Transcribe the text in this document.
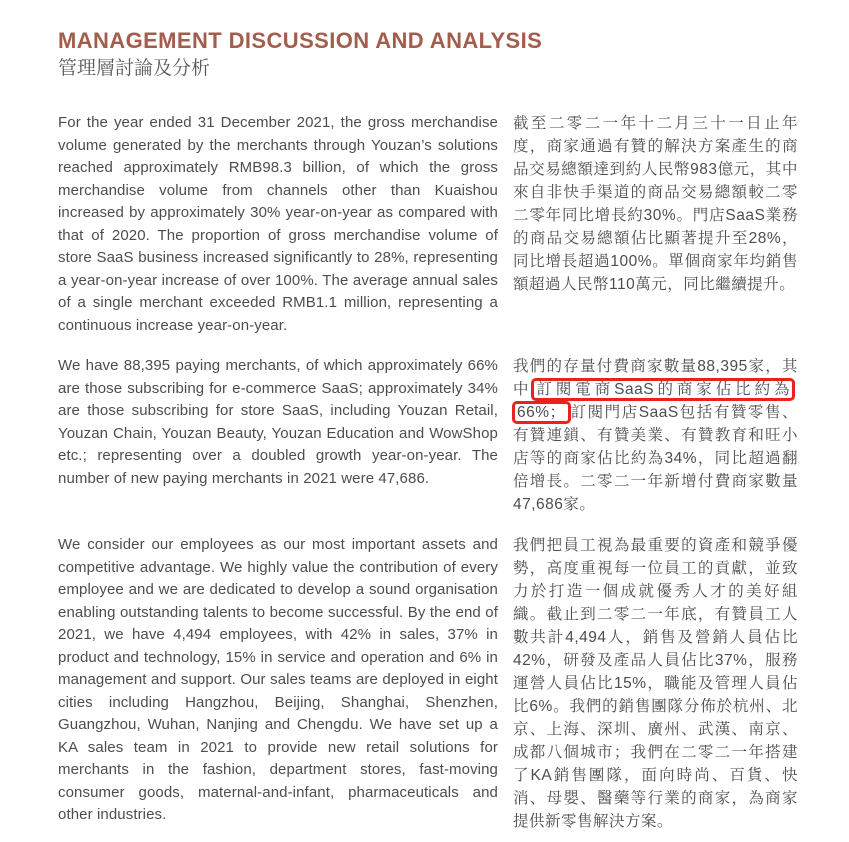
MANAGEMENT DISCUSSION AND ANALYSIS
管理層討論及分析

For the year ended 31 December 2021, the gross merchandise volume generated by the merchants through Youzan’s solutions reached approximately RMB98.3 billion, of which the gross merchandise volume from channels other than Kuaishou increased by approximately 30% year-on-year as compared with that of 2020. The proportion of gross merchandise volume of store SaaS business increased significantly to 28%, representing a year-on-year increase of over 100%. The average annual sales of a single merchant exceeded RMB1.1 million, representing a continuous increase year-on-year.

截至二零二一年十二月三十一日止年度，商家通過有贊的解決方案產生的商品交易總額達到約人民幣983億元，其中來自非快手渠道的商品交易總額較二零二零年同比增長約30%。門店SaaS業務的商品交易總額佔比顯著提升至28%，同比增長超過100%。單個商家年均銷售額超過人民幣110萬元，同比繼續提升。

We have 88,395 paying merchants, of which approximately 66% are those subscribing for e-commerce SaaS; approximately 34% are those subscribing for store SaaS, including Youzan Retail, Youzan Chain, Youzan Beauty, Youzan Education and WowShop etc.; representing over a doubled growth year-on-year. The number of new paying merchants in 2021 were 47,686.

我們的存量付費商家數量88,395家，其中 訂閱電商SaaS的商家佔比約為66%； 訂閱門店SaaS包括有贊零售、有贊連鎖、有贊美業、有贊教育和旺小店等的商家佔比約為34%，同比超過翻倍增長。二零二一年新增付費商家數量47,686家。

We consider our employees as our most important assets and competitive advantage. We highly value the contribution of every employee and we are dedicated to develop a sound organisation enabling outstanding talents to become successful. By the end of 2021, we have 4,494 employees, with 42% in sales, 37% in product and technology, 15% in service and operation and 6% in management and support. Our sales teams are deployed in eight cities including Hangzhou, Beijing, Shanghai, Shenzhen, Guangzhou, Wuhan, Nanjing and Chengdu. We have set up a KA sales team in 2021 to provide new retail solutions for merchants in the fashion, department stores, fast-moving consumer goods, maternal-and-infant, pharmaceuticals and other industries.

我們把員工視為最重要的資產和競爭優勢，高度重視每一位員工的貢獻，並致力於打造一個成就優秀人才的美好組織。截止到二零二一年底，有贊員工人數共計4,494人，銷售及營銷人員佔比42%，研發及產品人員佔比37%，服務運營人員佔比15%，職能及管理人員佔比6%。我們的銷售團隊分佈於杭州、北京、上海、深圳、廣州、武漢、南京、成都八個城市；我們在二零二一年搭建了KA銷售團隊，面向時尚、百貨、快消、母嬰、醫藥等行業的商家，為商家提供新零售解決方案。
